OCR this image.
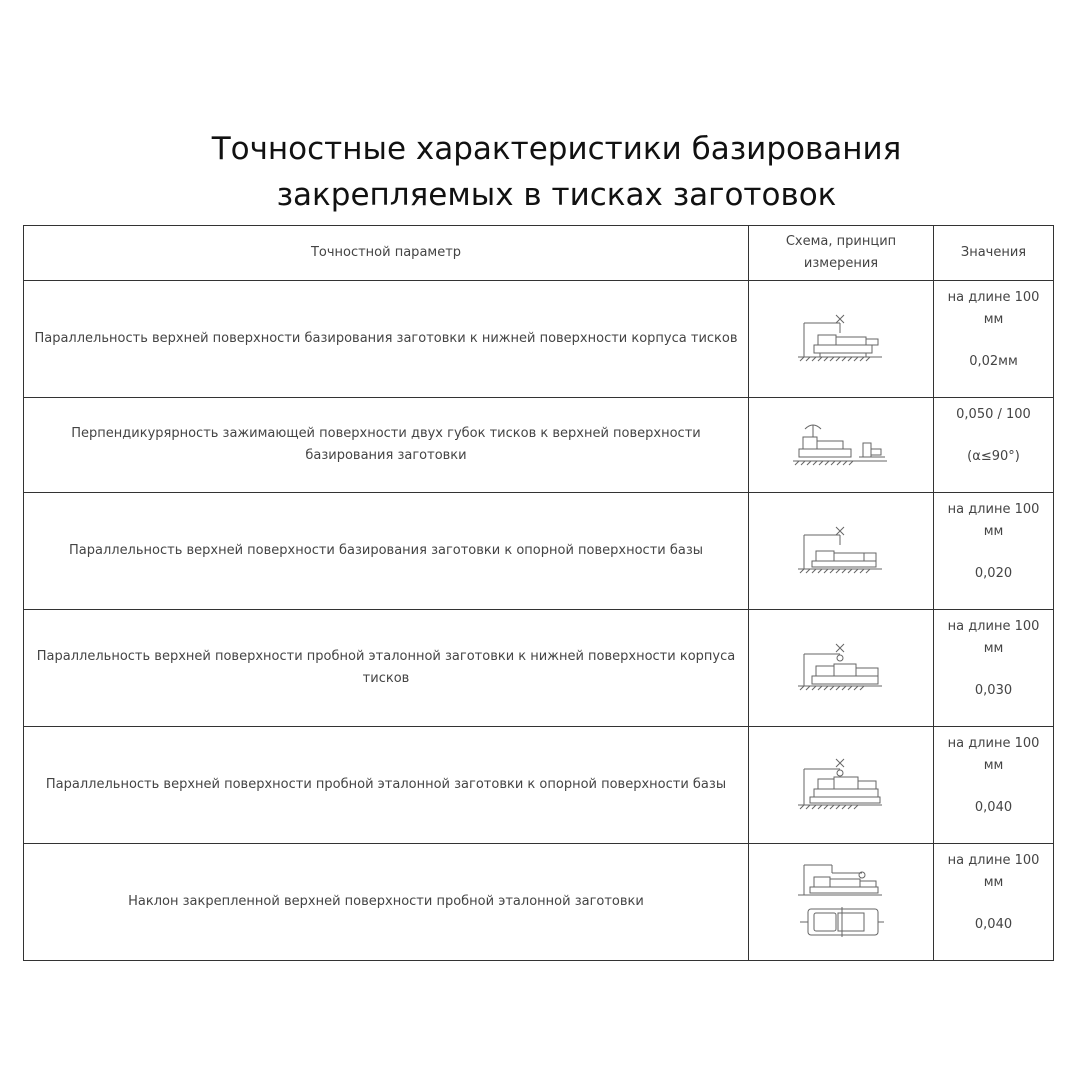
Точностные характеристики базирования
закрепляемых в тисках заготовок
Точностной параметр	Схема, принцип измерения	Значения
Параллельность верхней поверхности базирования заготовки к нижней поверхности корпуса тисков		на длине 100 мм
0,02мм

Перпендикурярность зажимающей поверхности двух губок тисков к верхней поверхности базирования заготовки		0,050 / 100
(α≤90°)

Параллельность верхней поверхности базирования заготовки к опорной поверхности базы		на длине 100 мм
0,020

Параллельность верхней поверхности пробной эталонной заготовки к нижней поверхности корпуса тисков		на длине 100 мм
0,030

Параллельность верхней поверхности пробной эталонной заготовки к опорной поверхности базы		на длине 100 мм
0,040

Наклон закрепленной верхней поверхности пробной эталонной заготовки		на длине 100 мм
0,040
